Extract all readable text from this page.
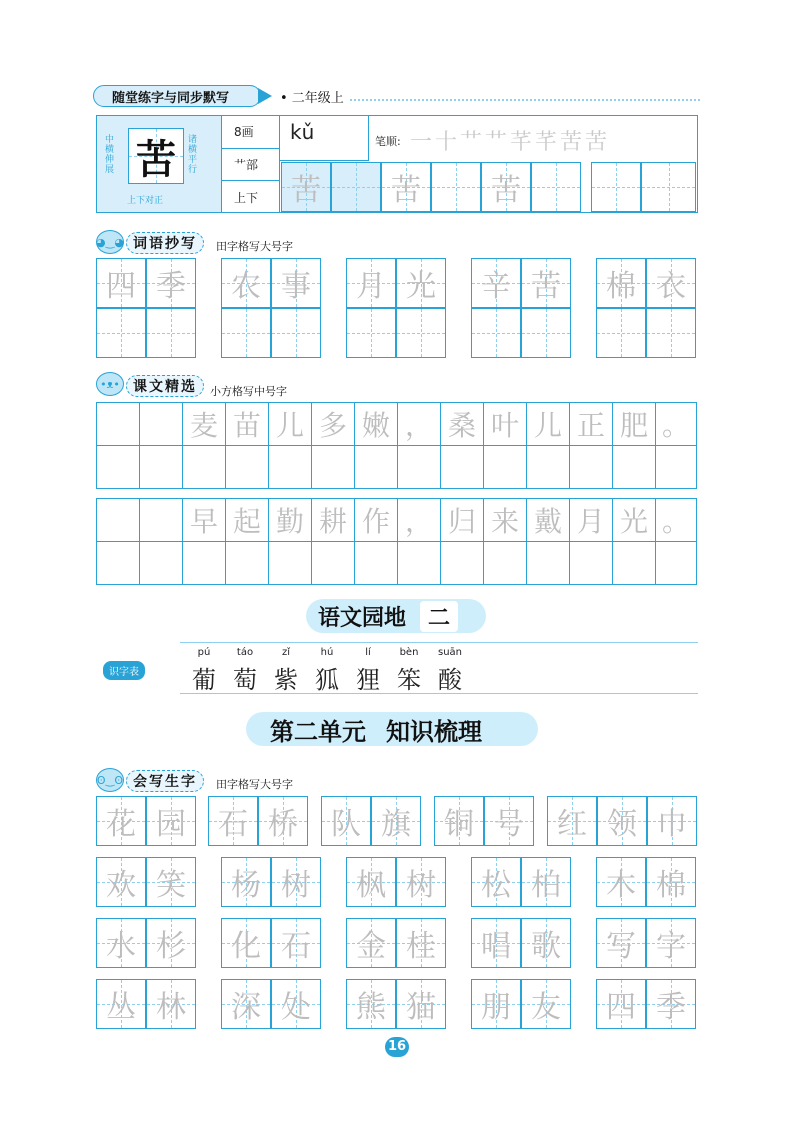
随堂练字与同步默写	• 二年级上
中横伸展
诸横平行
苦
上下对正
8画
艹部
上下
kǔ	笔顺: 一 十 艹 艹 芊 芊 苦 苦
苦	苦	苦
◕‿◕ 词语抄写	田字格写大号字
四 季	农 事	月 光	辛 苦	棉 衣
•ᴥ• 课文精选	小方格写中号字
麦 苗 儿 多 嫩 ， 桑 叶 儿 正 肥 。
早 起 勤 耕 作 ， 归 来 戴 月 光 。
语文园地	二
识字表
pú
葡
táo
萄
zǐ
紫
hú
狐
lí
狸
bèn
笨
suān
酸
第二单元 知识梳理
ʘ‿ʘ 会写生字	田字格写大号字
花 园	石 桥	队 旗	铜 号	红 领 巾
欢 笑	杨 树	枫 树	松 柏	木 棉
水 杉	化 石	金 桂	唱 歌	写 字
丛 林	深 处	熊 猫	朋 友	四 季
16
